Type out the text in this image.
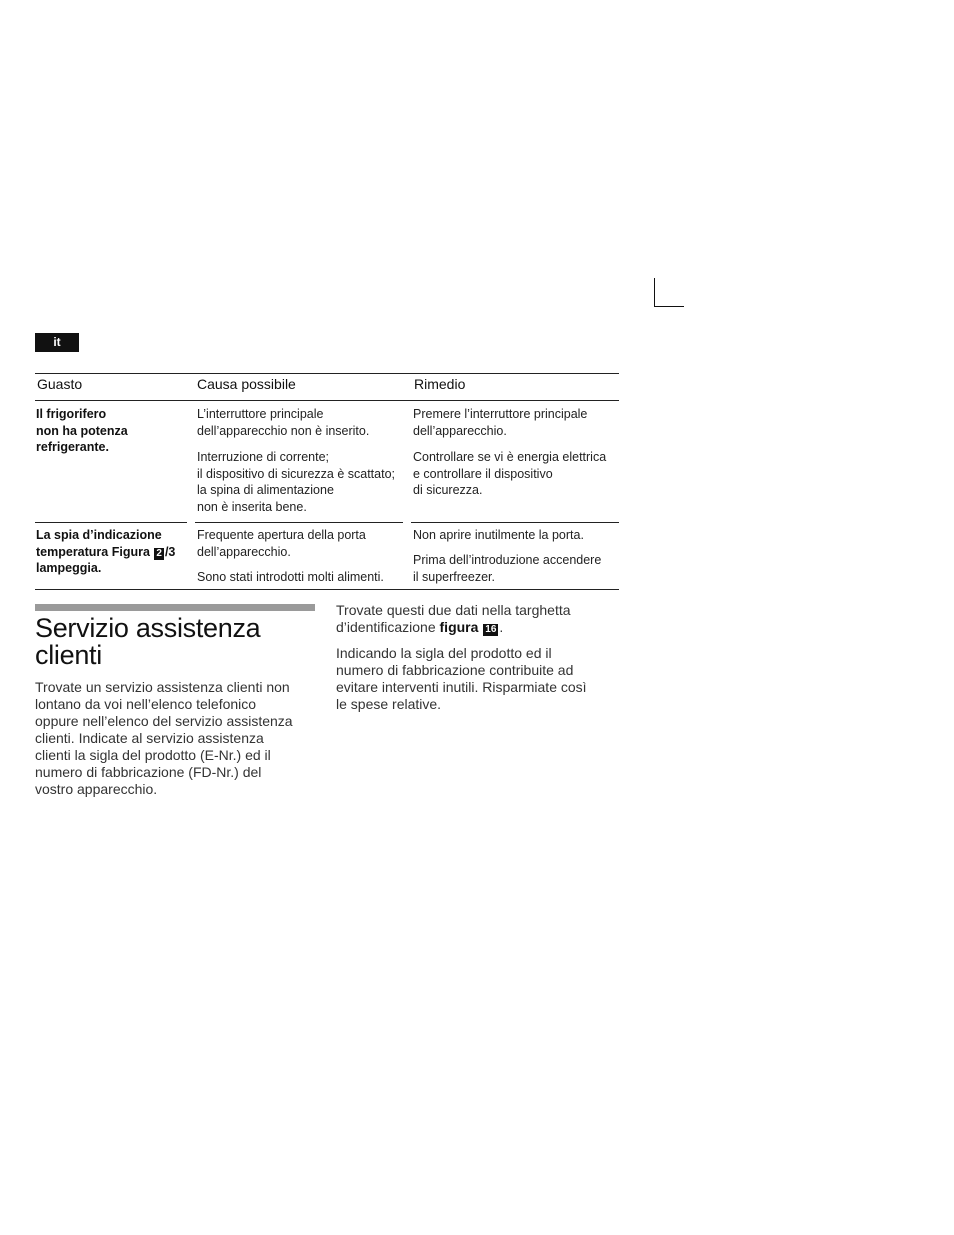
it
Guasto	Causa possibile	Rimedio
Il frigorifero
non ha potenza
refrigerante.
L’interruttore principale
dell’apparecchio non è inserito.
Interruzione di corrente;
il dispositivo di sicurezza è scattato;
la spina di alimentazione
non è inserita bene.
Premere l’interruttore principale
dell’apparecchio.
Controllare se vi è energia elettrica
e controllare il dispositivo
di sicurezza.
La spia d’indicazione
temperatura Figura 2 /3
lampeggia.
Frequente apertura della porta
dell’apparecchio.
Sono stati introdotti molti alimenti.
Non aprire inutilmente la porta.
Prima dell’introduzione accendere
il superfreezer.
Servizio assistenza clienti
Trovate un servizio assistenza clienti non
lontano da voi nell’elenco telefonico
oppure nell’elenco del servizio assistenza
clienti. Indicate al servizio assistenza
clienti la sigla del prodotto (E-Nr.) ed il
numero di fabbricazione (FD-Nr.) del
vostro apparecchio.
Trovate questi due dati nella targhetta
d’identificazione figura 16 .
Indicando la sigla del prodotto ed il
numero di fabbricazione contribuite ad
evitare interventi inutili. Risparmiate così
le spese relative.
